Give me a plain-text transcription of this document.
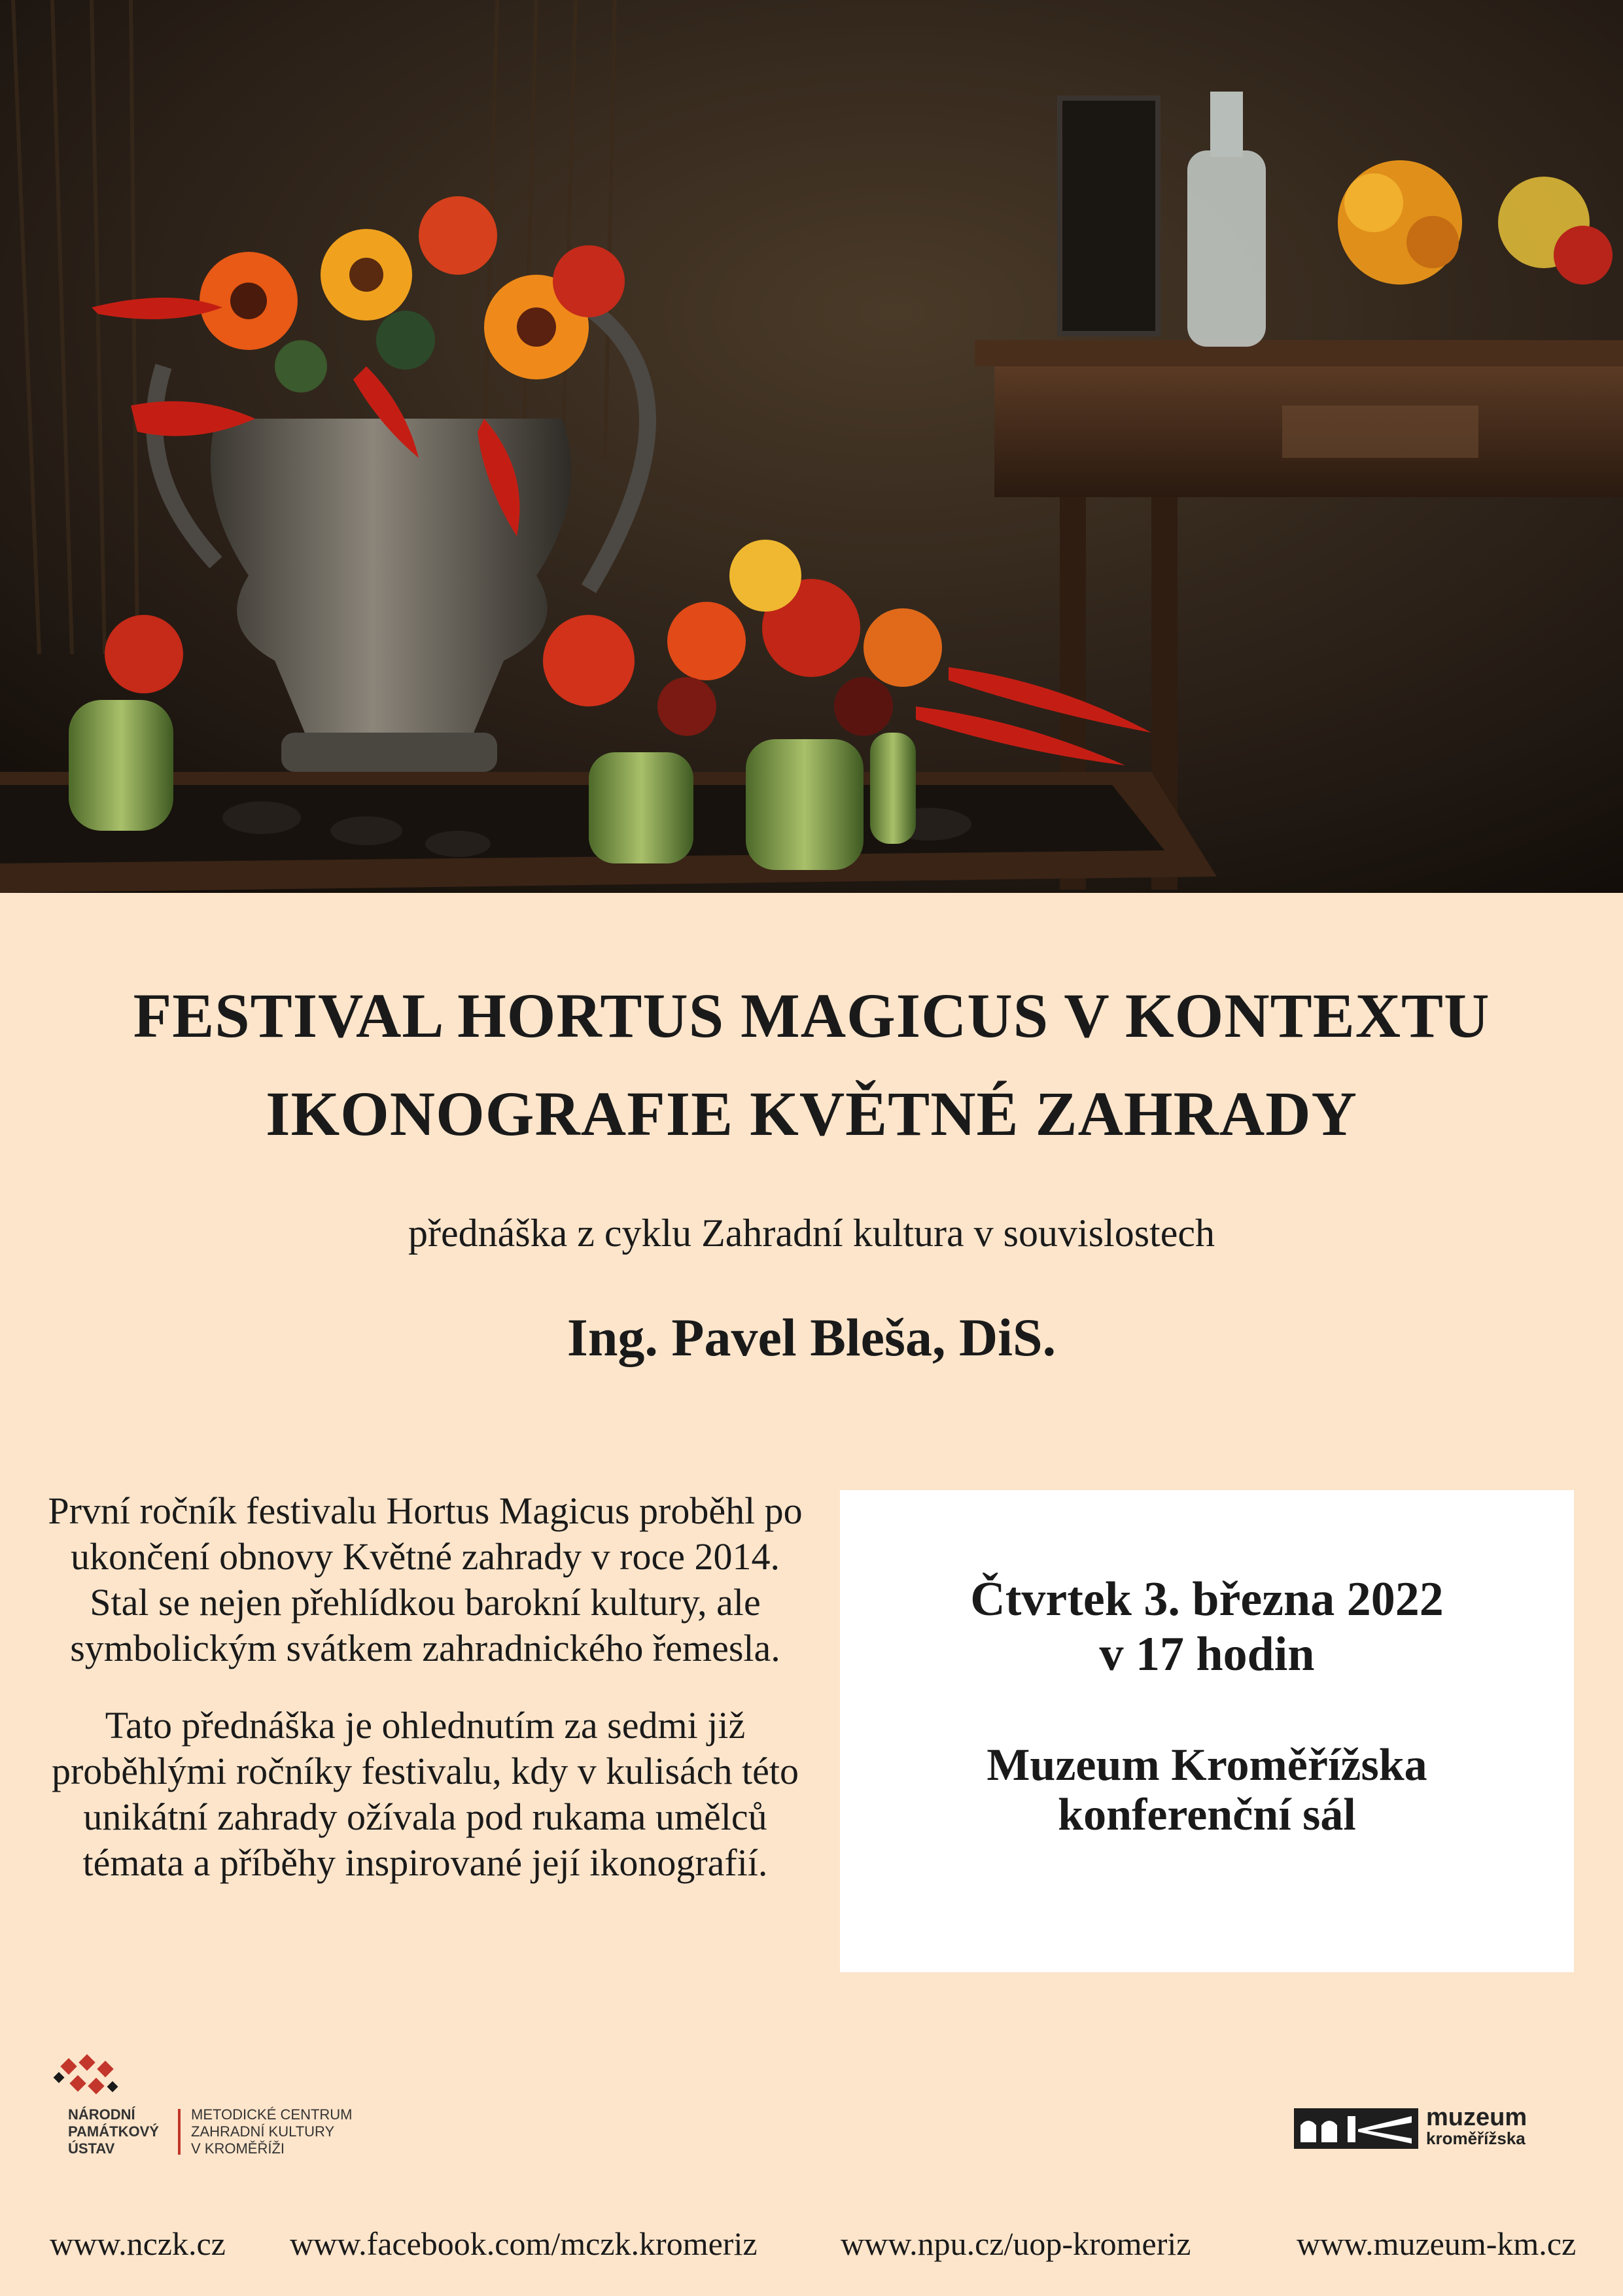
FESTIVAL HORTUS MAGICUS V KONTEXTU
IKONOGRAFIE KVĚTNÉ ZAHRADY
přednáška z cyklu Zahradní kultura v souvislostech
Ing. Pavel Bleša, DiS.

První ročník festivalu Hortus Magicus proběhl po ukončení obnovy Květné zahrady v roce 2014. Stal se nejen přehlídkou barokní kultury, ale symbolickým svátkem zahradnického řemesla.

Tato přednáška je ohlednutím za sedmi již proběhlými ročníky festivalu, kdy v kulisách této unikátní zahrady ožívala pod rukama umělců témata a příběhy inspirované její ikonografií.

Čtvrtek 3. března 2022
v 17 hodin
Muzeum Kroměřížska
konferenční sál
NÁRODNÍ
PAMÁTKOVÝ
ÚSTAV
METODICKÉ CENTRUM
ZAHRADNÍ KULTURY
V KROMĚŘÍŽI
muzeum
kroměřížska
www.nczk.cz www.facebook.com/mczk.kromeriz	www.npu.cz/uop-kromeriz	www.muzeum-km.cz
